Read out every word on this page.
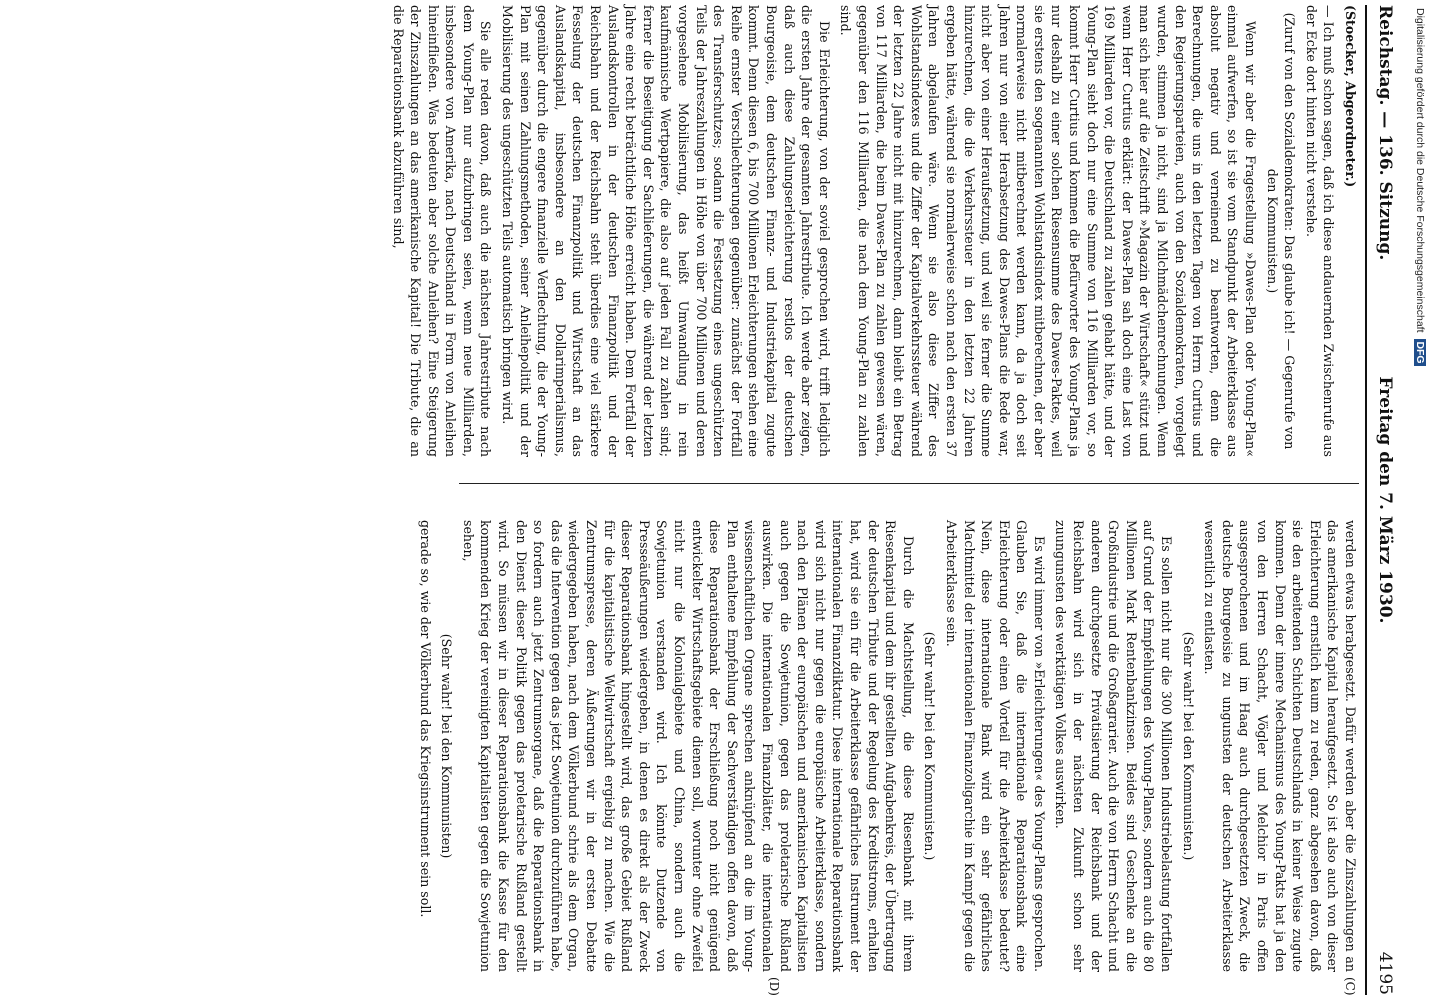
Reichstag. — 136. Sitzung.
Freitag den 7. März 1930.
4195
(C)
(D)

(Stoecker, Abgeordneter.)

— Ich muß schon sagen, daß ich diese andauernden Zwischenrufe aus der Ecke dort hinten nicht verstehe.

(Zuruf von den Sozialdemokraten: Das glaube ich! — Gegenrufe von den Kommunisten.)

Wenn wir aber die Fragestellung »Dawes-Plan oder Young-Plan« einmal aufwerfen, so ist sie vom Standpunkt der Arbeiterklasse aus absolut negativ und verneinend zu beantworten, denn die Berechnungen, die uns in den letzten Tagen von Herrn Curtius und den Regierungsparteien, auch von den Sozialdemokraten, vorgelegt wurden, stimmen ja nicht, sind ja Milchmädchenrechnungen. Wenn man sich hier auf die Zeitschrift »Magazin der Wirtschaft« stützt und wenn Herr Curtius erklärt: der Dawes-Plan sah doch eine Last von 169 Milliarden vor, die Deutschland zu zahlen gehabt hätte, und der Young-Plan sieht doch nur eine Summe von 116 Milliarden vor, so kommt Herr Curtius und kommen die Befürworter des Young-Plans ja nur deshalb zu einer solchen Riesensumme des Dawes-Paktes, weil sie erstens den sogenannten Wohlstandsindex mitberechnen, der aber normalerweise nicht mitberechnet werden kann, da ja doch seit Jahren nur von einer Herabsetzung des Dawes-Plans die Rede war, nicht aber von einer Heraufsetzung, und weil sie ferner die Summe hinzurechnen, die die Verkehrssteuer in den letzten 22 Jahren ergeben hätte, während sie normalerweise schon nach den ersten 37 Jahren abgelaufen wäre. Wenn sie also diese Ziffer des Wohlstandsindexes und die Ziffer der Kapitalverkehrssteuer während der letzten 22 Jahre nicht mit hinzurechnen, dann bleibt ein Betrag von 117 Milliarden, die beim Dawes-Plan zu zahlen gewesen wären, gegenüber den 116 Milliarden, die nach dem Young-Plan zu zahlen sind.

Die Erleichterung, von der soviel gesprochen wird, trifft lediglich die ersten Jahre der gesamten Jahrestribute. Ich werde aber zeigen, daß auch diese Zahlungserleichterung restlos der deutschen Bourgeoisie, dem deutschen Finanz- und Industriekapital zugute kommt. Denn diesen 6, bis 700 Millionen Erleichterungen stehen eine Reihe ernster Verschlechterungen gegenüber: zunächst der Fortfall des Transferschutzes; sodann die Festsetzung eines ungeschützten Teils der Jahreszahlungen in Höhe von über 700 Millionen und deren vorgesehene Mobilisierung, das heißt Umwandlung in rein kaufmännische Wertpapiere, die also auf jeden Fall zu zahlen sind; ferner die Beseitigung der Sachlieferungen, die während der letzten Jahre eine recht beträchtliche Höhe erreicht haben. Dem Fortfall der Auslandskontrollen in der deutschen Finanzpolitik und der Reichsbahn und der Reichsbahn steht überdies eine viel stärkere Fesselung der deutschen Finanzpolitik und Wirtschaft an das Auslandskapital, insbesondere an den Dollarimperialismus, gegenüber durch die engere finanzielle Verflechtung, die der Young-Plan mit seinen Zahlungsmethoden, seiner Anleihepolitik und der Mobilisierung des ungeschützten Teils automatisch bringen wird.

Sie alle reden davon, daß auch die nächsten Jahrestribute nach dem Young-Plan nur aufzubringen seien, wenn neue Milliarden, insbesondere von Amerika, nach Deutschland in Form von Anleihen hineinfließen. Was bedeuten aber solche Anleihen? Eine Steigerung der Zinszahlungen an das amerikanische Kapital! Die Tribute, die an die Reparationsbank abzuführen sind,

werden etwas herabgesetzt. Dafür werden aber die Zinszahlungen an das amerikanische Kapital heraufgesetzt. So ist also auch von dieser Erleichterung ernstlich kaum zu reden, ganz abgesehen davon, daß sie den arbeitenden Schichten Deutschlands in keiner Weise zugute kommen. Denn der innere Mechanismus des Young-Pakts hat ja den von den Herren Schacht, Vögler und Melchior in Paris offen ausgesprochenen und im Haag auch durchgesetzten Zweck, die deutsche Bourgeoisie zu ungunsten der deutschen Arbeiterklasse wesentlich zu entlasten.

(Sehr wahr! bei den Kommunisten.)

Es sollen nicht nur die 300 Millionen Industriebelastung fortfallen auf Grund der Empfehlungen des Young-Planes, sondern auch die 80 Millionen Mark Rentenbankzinsen. Beides sind Geschenke an die Großindustrie und die Großagrarier. Auch die von Herrn Schacht und anderen durchgesetzte Privatisierung der Reichsbank und der Reichsbahn wird sich in der nächsten Zukunft schon sehr zuungunsten des werktätigen Volkes auswirken.

Es wird immer von »Erleichterungen« des Young-Plans gesprochen. Glauben Sie, daß die internationale Reparationsbank eine Erleichterung oder einen Vorteil für die Arbeiterklasse bedeutet? Nein, diese internationale Bank wird ein sehr gefährliches Machtmittel der internationalen Finanzoligarchie im Kampf gegen die Arbeiterklasse sein.

(Sehr wahr! bei den Kommunisten.)

Durch die Machtstellung, die diese Riesenbank mit ihrem Riesenkapital und dem ihr gestellten Aufgabenkreis, der Übertragung der deutschen Tribute und der Regelung des Kreditstroms, erhalten hat, wird sie ein für die Arbeiterklasse gefährliches Instrument der internationalen Finanzdiktatur. Diese internationale Reparationsbank wird sich nicht nur gegen die europäische Arbeiterklasse, sondern nach den Plänen der europäischen und amerikanischen Kapitalisten auch gegen die Sowjetunion, gegen das proletarische Rußland auswirken. Die internationalen Finanzblätter, die internationalen wissenschaftlichen Organe sprechen anknüpfend an die im Young-Plan enthaltene Empfehlung der Sachverständigen offen davon, daß diese Reparationsbank der Erschließung noch nicht genügend entwickelter Wirtschaftsgebiete dienen soll, worunter ohne Zweifel nicht nur die Kolonialgebiete und China, sondern auch die Sowjetunion verstanden wird. Ich könnte Dutzende von Presseäußerungen wiedergeben, in denen es direkt als der Zweck dieser Reparationsbank hingestellt wird, das große Gebiet Rußland für die kapitalistische Weltwirtschaft ergiebig zu machen. Wie die Zentrumspresse, deren Äußerungen wir in der ersten Debatte wiedergegeben haben, nach dem Völkerbund schrie als dem Organ, das die Intervention gegen das jetzt Sowjetunion durchzuführen habe, so fordern auch jetzt Zentrumsorgane, daß die Reparationsbank in den Dienst dieser Politik gegen das proletarische Rußland gestellt wird. So müssen wir in dieser Reparationsbank die Kasse für den kommenden Krieg der vereinigten Kapitalisten gegen die Sowjetunion sehen,

(Sehr wahr! bei den Kommunisten)

gerade so, wie der Völkerbund das Kriegsinstrument sein soll.

Digitalisierung gefördert durch die Deutsche Forschungsgemeinschaft DFG
